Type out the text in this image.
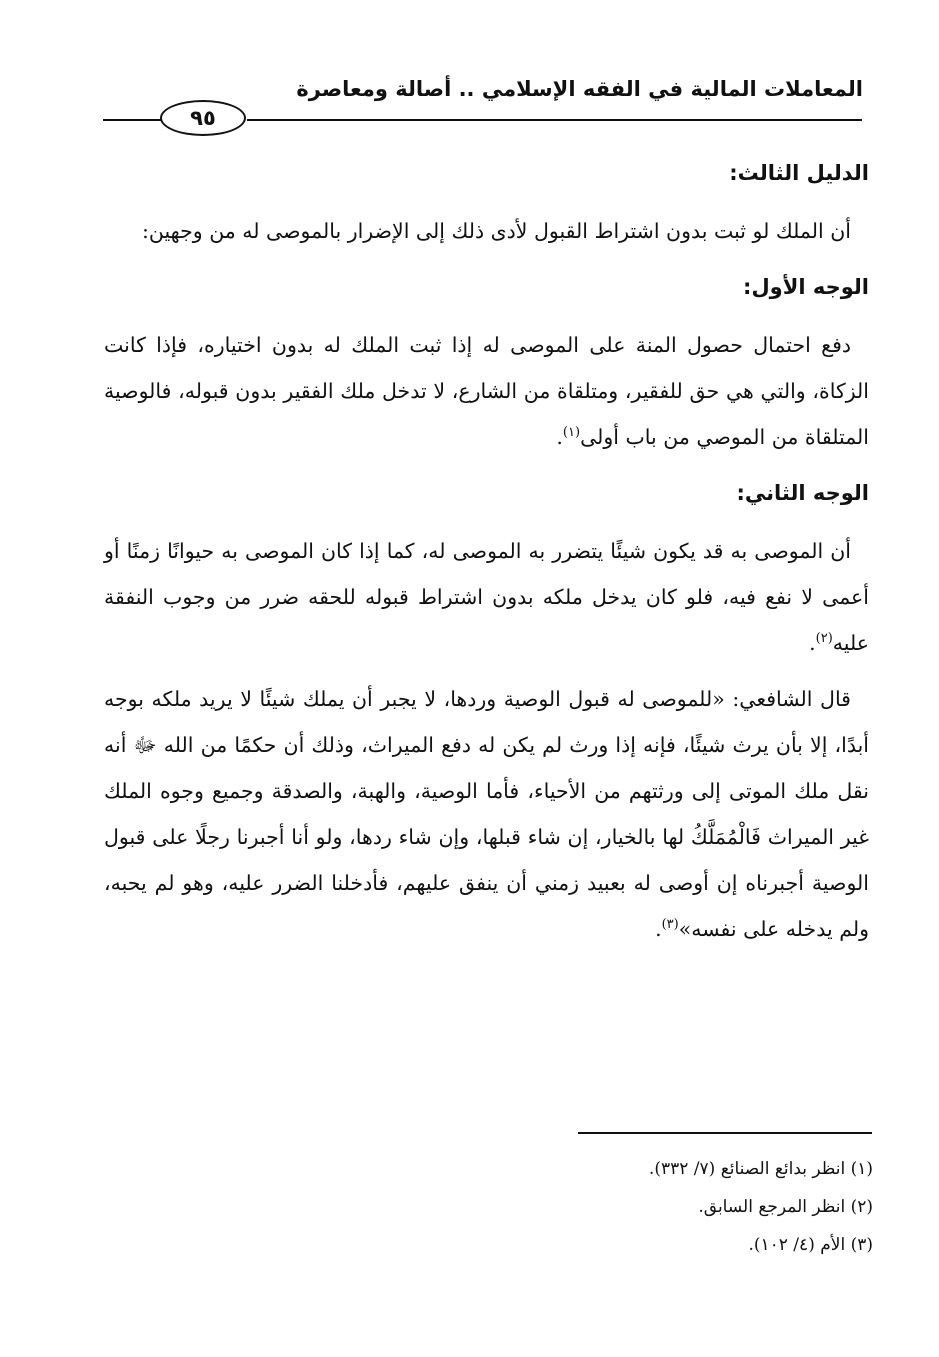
المعاملات المالية في الفقه الإسلامي .. أصالة ومعاصرة
٩٥

الدليل الثالث:

أن الملك لو ثبت بدون اشتراط القبول لأدى ذلك إلى الإضرار بالموصى له من وجهين:

الوجه الأول:

دفع احتمال حصول المنة على الموصى له إذا ثبت الملك له بدون اختياره، فإذا كانت الزكاة، والتي هي حق للفقير، ومتلقاة من الشارع، لا تدخل ملك الفقير بدون قبوله، فالوصية المتلقاة من الموصي من باب أولى$^{(١)}$.

الوجه الثاني:

أن الموصى به قد يكون شيئًا يتضرر به الموصى له، كما إذا كان الموصى به حيوانًا زمنًا أو أعمى لا نفع فيه، فلو كان يدخل ملكه بدون اشتراط قبوله للحقه ضرر من وجوب النفقة عليه$^{(٢)}$.

قال الشافعي: «للموصى له قبول الوصية وردها، لا يجبر أن يملك شيئًا لا يريد ملكه بوجه أبدًا، إلا بأن يرث شيئًا، فإنه إذا ورث لم يكن له دفع الميراث، وذلك أن حكمًا من الله ﷻ أنه نقل ملك الموتى إلى ورثتهم من الأحياء، فأما الوصية، والهبة، والصدقة وجميع وجوه الملك غير الميراث فَالْمُمَلَّكُ لها بالخيار، إن شاء قبلها، وإن شاء ردها، ولو أنا أجبرنا رجلًا على قبول الوصية أجبرناه إن أوصى له بعبيد زمني أن ينفق عليهم، فأدخلنا الضرر عليه، وهو لم يحبه، ولم يدخله على نفسه»$^{(٣)}$.

(١) انظر بدائع الصنائع (٧/ ٣٣٢).
(٢) انظر المرجع السابق.
(٣) الأم (٤/ ١٠٢).
